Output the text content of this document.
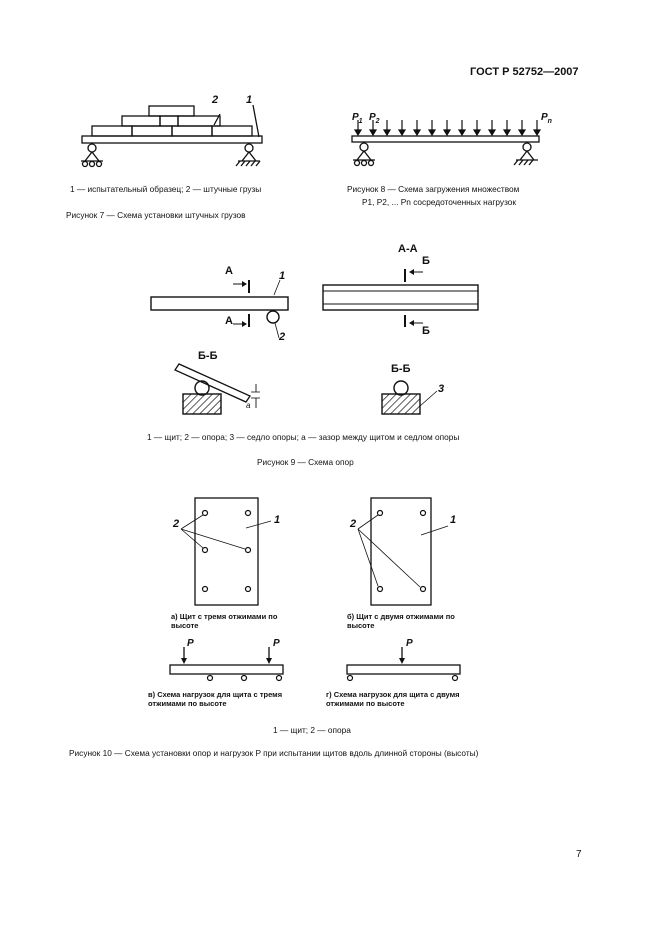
ГОСТ Р 52752—2007
2	1
1 — испытательный образец; 2 — штучные грузы
Рисунок 7 — Схема установки штучных грузов
$P_1$ $P_2$	$P_n$
Рисунок 8 — Схема загружения множеством
P1, P2, ... Pn сосредоточенных нагрузок
А-А
А
А
Б
Б
1
2
Б-Б
Б-Б
3
a
1 — щит; 2 — опора; 3 — седло опоры; a — зазор между щитом и седлом опоры
Рисунок 9 — Схема опор
2	1	2	1
а) Щит с тремя отжимами по высоте
б) Щит с двумя отжимами по высоте
P	P	P
в) Схема нагрузок для щита с тремя отжимами по высоте
г) Схема нагрузок для щита с двумя отжимами по высоте
1 — щит; 2 — опора
Рисунок 10 — Схема установки опор и нагрузок P при испытании щитов вдоль длинной стороны (высоты)
7
